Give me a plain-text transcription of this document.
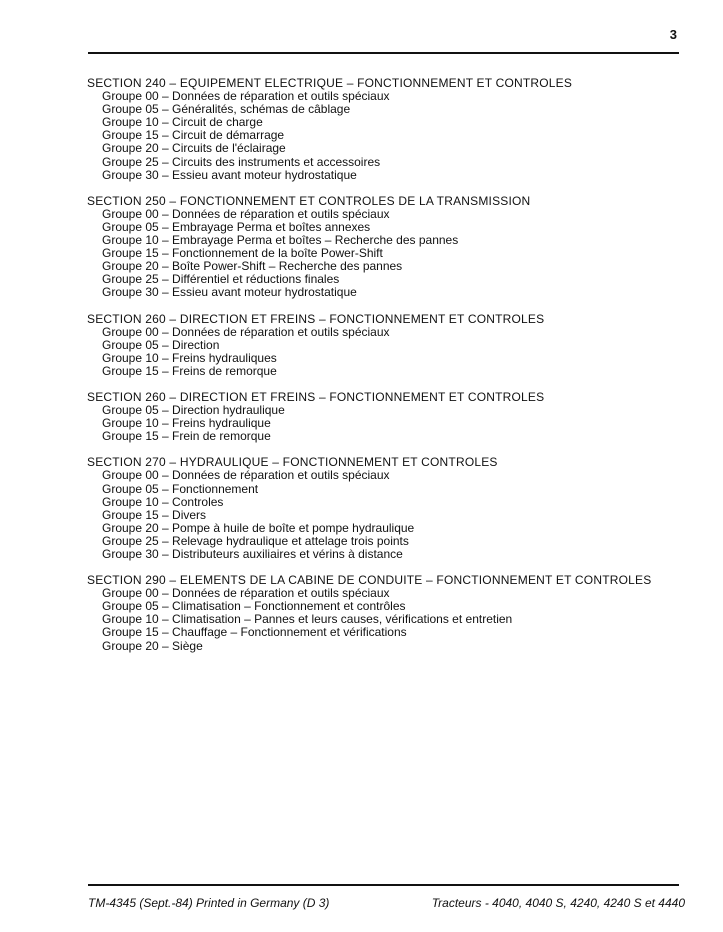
3
SECTION 240 – EQUIPEMENT ELECTRIQUE – FONCTIONNEMENT ET CONTROLES
Groupe 00 – Données de réparation et outils spéciaux
Groupe 05 – Généralités, schémas de câblage
Groupe 10 – Circuit de charge
Groupe 15 – Circuit de démarrage
Groupe 20 – Circuits de l'éclairage
Groupe 25 – Circuits des instruments et accessoires
Groupe 30 – Essieu avant moteur hydrostatique
SECTION 250 – FONCTIONNEMENT ET CONTROLES DE LA TRANSMISSION
Groupe 00 – Données de réparation et outils spéciaux
Groupe 05 – Embrayage Perma et boîtes annexes
Groupe 10 – Embrayage Perma et boîtes – Recherche des pannes
Groupe 15 – Fonctionnement de la boîte Power-Shift
Groupe 20 – Boîte Power-Shift – Recherche des pannes
Groupe 25 – Différentiel et réductions finales
Groupe 30 – Essieu avant moteur hydrostatique
SECTION 260 – DIRECTION ET FREINS – FONCTIONNEMENT ET CONTROLES
Groupe 00 – Données de réparation et outils spéciaux
Groupe 05 – Direction
Groupe 10 – Freins hydrauliques
Groupe 15 – Freins de remorque
SECTION 260 – DIRECTION ET FREINS – FONCTIONNEMENT ET CONTROLES
Groupe 05 – Direction hydraulique
Groupe 10 – Freins hydraulique
Groupe 15 – Frein de remorque
SECTION 270 – HYDRAULIQUE – FONCTIONNEMENT ET CONTROLES
Groupe 00 – Données de réparation et outils spéciaux
Groupe 05 – Fonctionnement
Groupe 10 – Controles
Groupe 15 – Divers
Groupe 20 – Pompe à huile de boîte et pompe hydraulique
Groupe 25 – Relevage hydraulique et attelage trois points
Groupe 30 – Distributeurs auxiliaires et vérins à distance
SECTION 290 – ELEMENTS DE LA CABINE DE CONDUITE – FONCTIONNEMENT ET CONTROLES
Groupe 00 – Données de réparation et outils spéciaux
Groupe 05 – Climatisation – Fonctionnement et contrôles
Groupe 10 – Climatisation – Pannes et leurs causes, vérifications et entretien
Groupe 15 – Chauffage – Fonctionnement et vérifications
Groupe 20 – Siège
TM-4345 (Sept.-84) Printed in Germany (D 3)	Tracteurs - 4040, 4040 S, 4240, 4240 S et 4440
